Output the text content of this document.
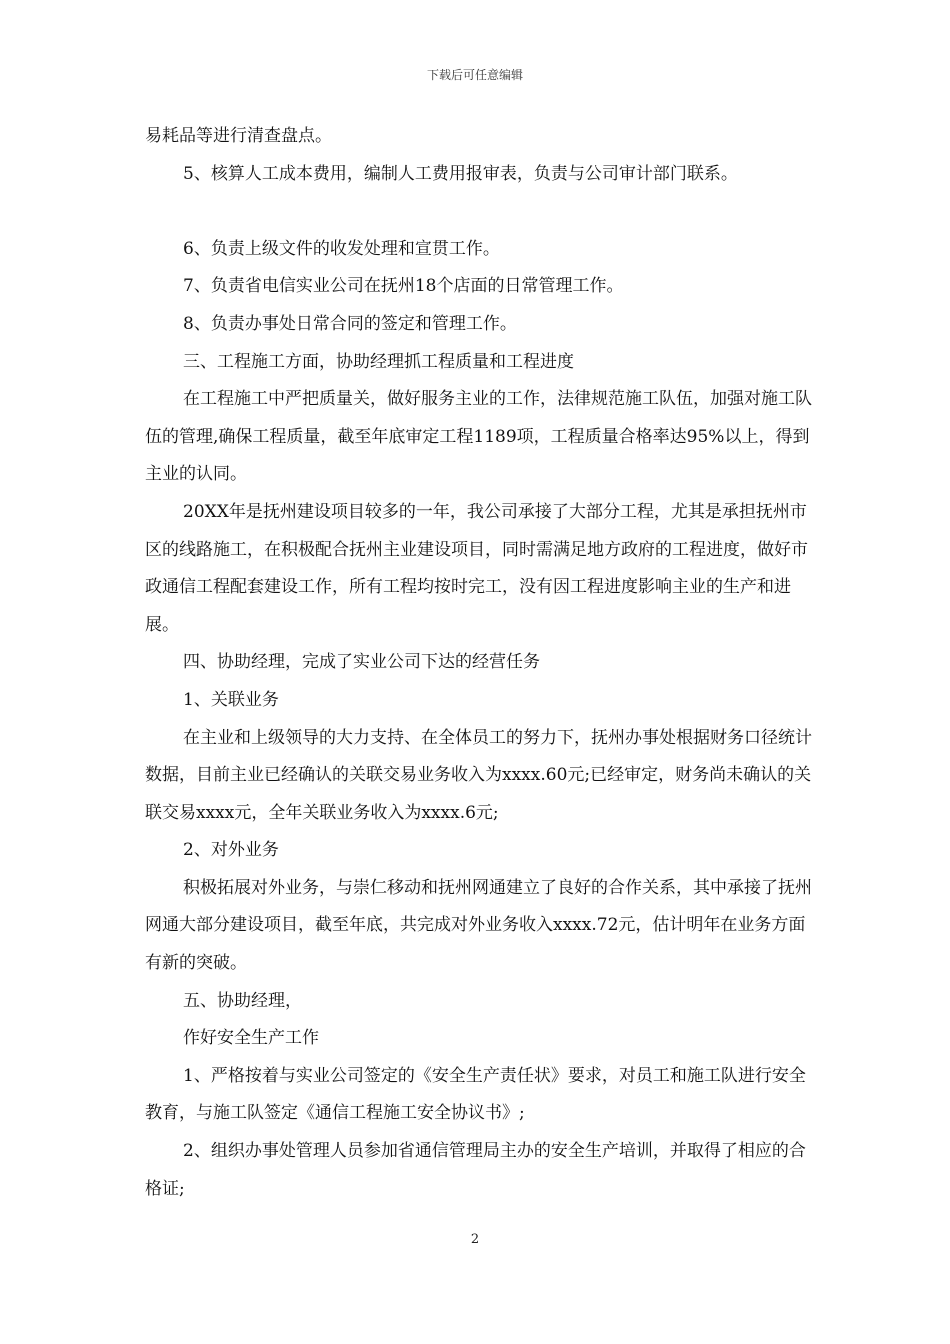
下载后可任意编辑

易耗品等进行清查盘点。

5、核算人工成本费用，编制人工费用报审表，负责与公司审计部门联系。

6、负责上级文件的收发处理和宣贯工作。

7、负责省电信实业公司在抚州18个店面的日常管理工作。

8、负责办事处日常合同的签定和管理工作。

三、工程施工方面，协助经理抓工程质量和工程进度

在工程施工中严把质量关，做好服务主业的工作，法律规范施工队伍，加强对施工队伍的管理,确保工程质量，截至年底审定工程1189项，工程质量合格率达95%以上，得到主业的认同。

20XX年是抚州建设项目较多的一年，我公司承接了大部分工程，尤其是承担抚州市区的线路施工，在积极配合抚州主业建设项目，同时需满足地方政府的工程进度，做好市政通信工程配套建设工作，所有工程均按时完工，没有因工程进度影响主业的生产和进展。

四、协助经理，完成了实业公司下达的经营任务

1、关联业务

在主业和上级领导的大力支持、在全体员工的努力下，抚州办事处根据财务口径统计数据，目前主业已经确认的关联交易业务收入为xxxx.60元;已经审定，财务尚未确认的关联交易xxxx元，全年关联业务收入为xxxx.6元;

2、对外业务

积极拓展对外业务，与崇仁移动和抚州网通建立了良好的合作关系，其中承接了抚州网通大部分建设项目，截至年底，共完成对外业务收入xxxx.72元，估计明年在业务方面有新的突破。

五、协助经理，

作好安全生产工作

1、严格按着与实业公司签定的《安全生产责任状》要求，对员工和施工队进行安全教育，与施工队签定《通信工程施工安全协议书》;

2、组织办事处管理人员参加省通信管理局主办的安全生产培训，并取得了相应的合格证;

2
